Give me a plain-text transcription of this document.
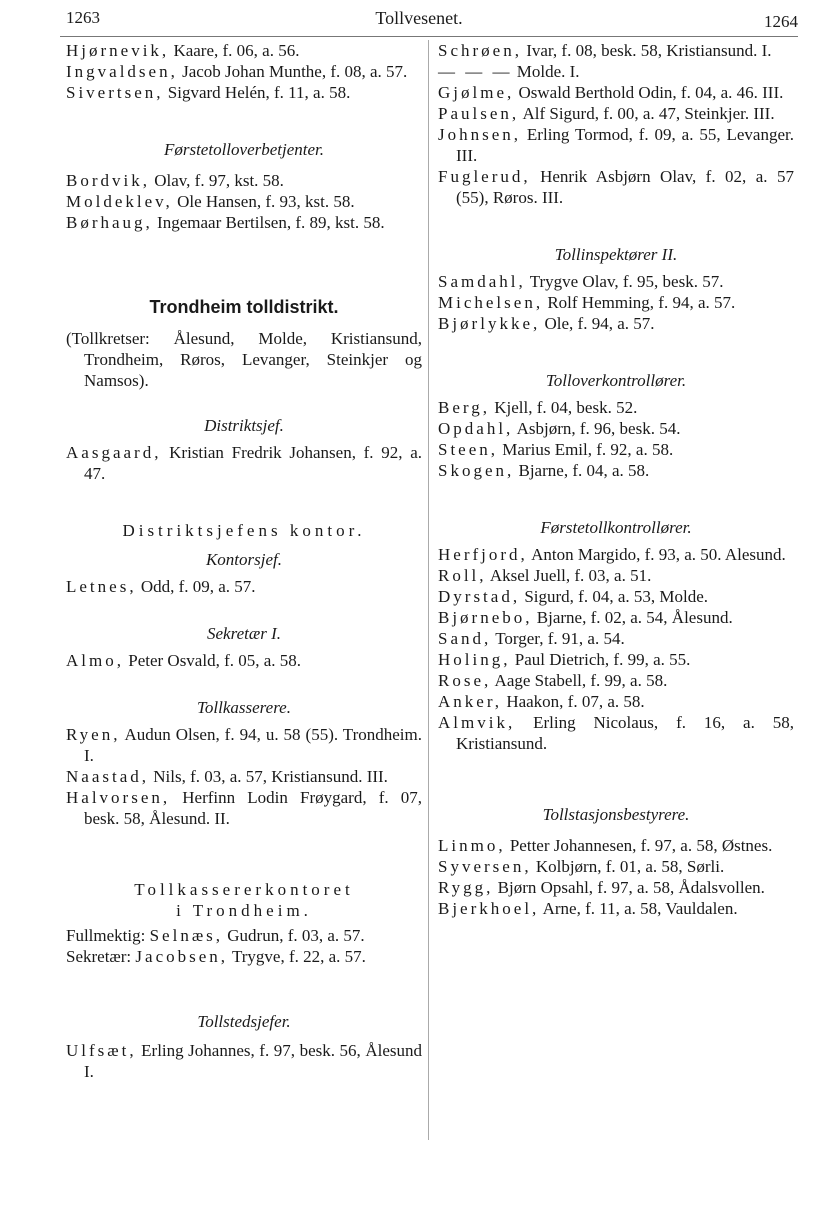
1263	Tollvesenet.	1264

Hjørnevik, Kaare, f. 06, a. 56.

Ingvaldsen, Jacob Johan Munthe, f. 08, a. 57.

Sivertsen, Sigvard Helén, f. 11, a. 58.

Førstetolloverbetjenter.

Bordvik, Olav, f. 97, kst. 58.

Moldeklev, Ole Hansen, f. 93, kst. 58.

Børhaug, Ingemaar Bertilsen, f. 89, kst. 58.

Trondheim tolldistrikt.

(Tollkretser: Ålesund, Molde, Kristiansund, Trondheim, Røros, Levanger, Steinkjer og Namsos).

Distriktsjef.

Aasgaard, Kristian Fredrik Johansen, f. 92, a. 47.

Distriktsjefens kontor.

Kontorsjef.

Letnes, Odd, f. 09, a. 57.

Sekretær I.

Almo, Peter Osvald, f. 05, a. 58.

Tollkasserere.

Ryen, Audun Olsen, f. 94, u. 58 (55). Trondheim. I.

Naastad, Nils, f. 03, a. 57, Kristiansund. III.

Halvorsen, Herfinn Lodin Frøygard, f. 07, besk. 58, Ålesund. II.

Tollkassererkontoret

i Trondheim.

Fullmektig: Selnæs, Gudrun, f. 03, a. 57.

Sekretær: Jacobsen, Trygve, f. 22, a. 57.

Tollstedsjefer.

Ulfsæt, Erling Johannes, f. 97, besk. 56, Ålesund I.

Schrøen, Ivar, f. 08, besk. 58, Kristiansund. I.

— — — Molde. I.

Gjølme, Oswald Berthold Odin, f. 04, a. 46. III.

Paulsen, Alf Sigurd, f. 00, a. 47, Steinkjer. III.

Johnsen, Erling Tormod, f. 09, a. 55, Levanger. III.

Fuglerud, Henrik Asbjørn Olav, f. 02, a. 57 (55), Røros. III.

Tollinspektører II.

Samdahl, Trygve Olav, f. 95, besk. 57.

Michelsen, Rolf Hemming, f. 94, a. 57.

Bjørlykke, Ole, f. 94, a. 57.

Tolloverkontrollører.

Berg, Kjell, f. 04, besk. 52.

Opdahl, Asbjørn, f. 96, besk. 54.

Steen, Marius Emil, f. 92, a. 58.

Skogen, Bjarne, f. 04, a. 58.

Førstetollkontrollører.

Herfjord, Anton Margido, f. 93, a. 50. Alesund.

Roll, Aksel Juell, f. 03, a. 51.

Dyrstad, Sigurd, f. 04, a. 53, Molde.

Bjørnebo, Bjarne, f. 02, a. 54, Ålesund.

Sand, Torger, f. 91, a. 54.

Holing, Paul Dietrich, f. 99, a. 55.

Rose, Aage Stabell, f. 99, a. 58.

Anker, Haakon, f. 07, a. 58.

Almvik, Erling Nicolaus, f. 16, a. 58, Kristiansund.

Tollstasjonsbestyrere.

Linmo, Petter Johannesen, f. 97, a. 58, Østnes.

Syversen, Kolbjørn, f. 01, a. 58, Sørli.

Rygg, Bjørn Opsahl, f. 97, a. 58, Ådalsvollen.

Bjerkhoel, Arne, f. 11, a. 58, Vauldalen.
